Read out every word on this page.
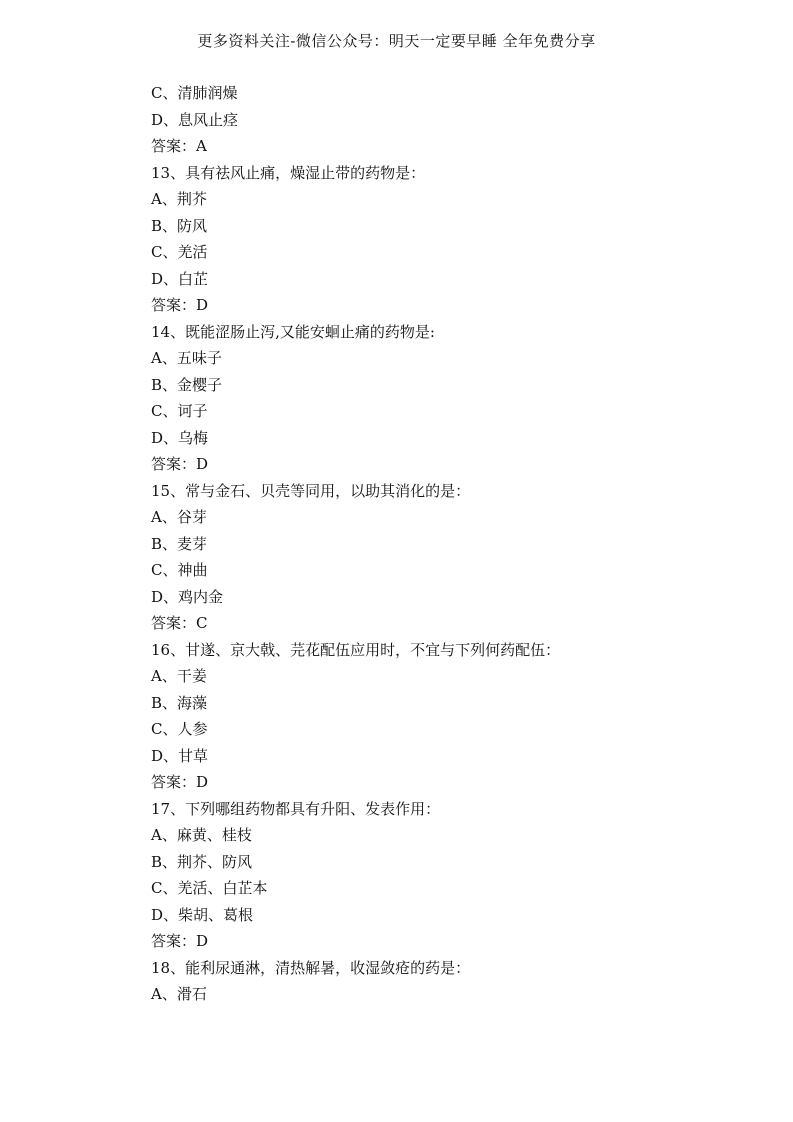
更多资料关注-微信公众号：明天一定要早睡 全年免费分享
C、清肺润燥
D、息风止痉
答案：A
13、具有祛风止痛，燥湿止带的药物是：
A、荆芥
B、防风
C、羌活
D、白芷
答案：D
14、既能涩肠止泻,又能安蛔止痛的药物是:
A、五味子
B、金樱子
C、诃子
D、乌梅
答案：D
15、常与金石、贝壳等同用，以助其消化的是：
A、谷芽
B、麦芽
C、神曲
D、鸡内金
答案：C
16、甘遂、京大戟、芫花配伍应用时，不宜与下列何药配伍：
A、干姜
B、海藻
C、人参
D、甘草
答案：D
17、下列哪组药物都具有升阳、发表作用：
A、麻黄、桂枝
B、荆芥、防风
C、羌活、白芷本
D、柴胡、葛根
答案：D
18、能利尿通淋，清热解暑，收湿敛疮的药是：
A、滑石
